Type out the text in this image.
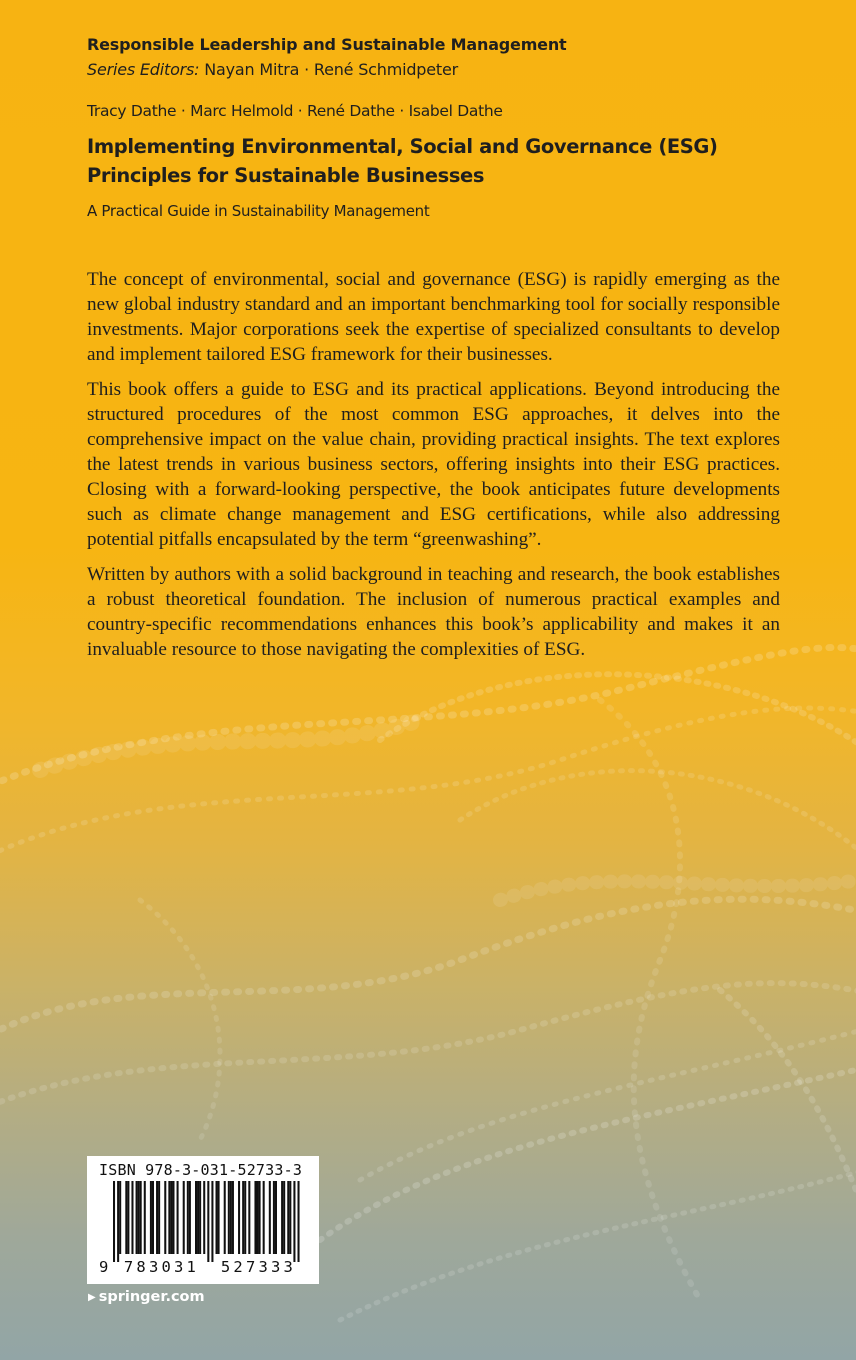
Responsible Leadership and Sustainable Management
Series Editors: Nayan Mitra · René Schmidpeter
Tracy Dathe · Marc Helmold · René Dathe · Isabel Dathe
Implementing Environmental, Social and Governance (ESG)
Principles for Sustainable Businesses
A Practical Guide in Sustainability Management

The concept of environmental, social and governance (ESG) is rapidly emerging as the new global industry standard and an important benchmarking tool for socially responsible investments. Major corporations seek the expertise of specialized consultants to develop and implement tailored ESG framework for their businesses.

This book offers a guide to ESG and its practical applications. Beyond introducing the structured procedures of the most common ESG approaches, it delves into the comprehensive impact on the value chain, providing practical insights. The text explores the latest trends in various business sectors, offering insights into their ESG practices. Closing with a forward-looking perspective, the book anticipates future developments such as climate change management and ESG certifications, while also addressing potential pitfalls encapsulated by the term “greenwashing”.

Written by authors with a solid background in teaching and research, the book establishes a robust theoretical foundation. The inclusion of numerous practical examples and country-specific recommendations enhances this book’s applicability and makes it an invaluable resource to those navigating the complexities of ESG.

ISBN 978-3-031-52733-3
9	783031	527333
▶ springer.com
